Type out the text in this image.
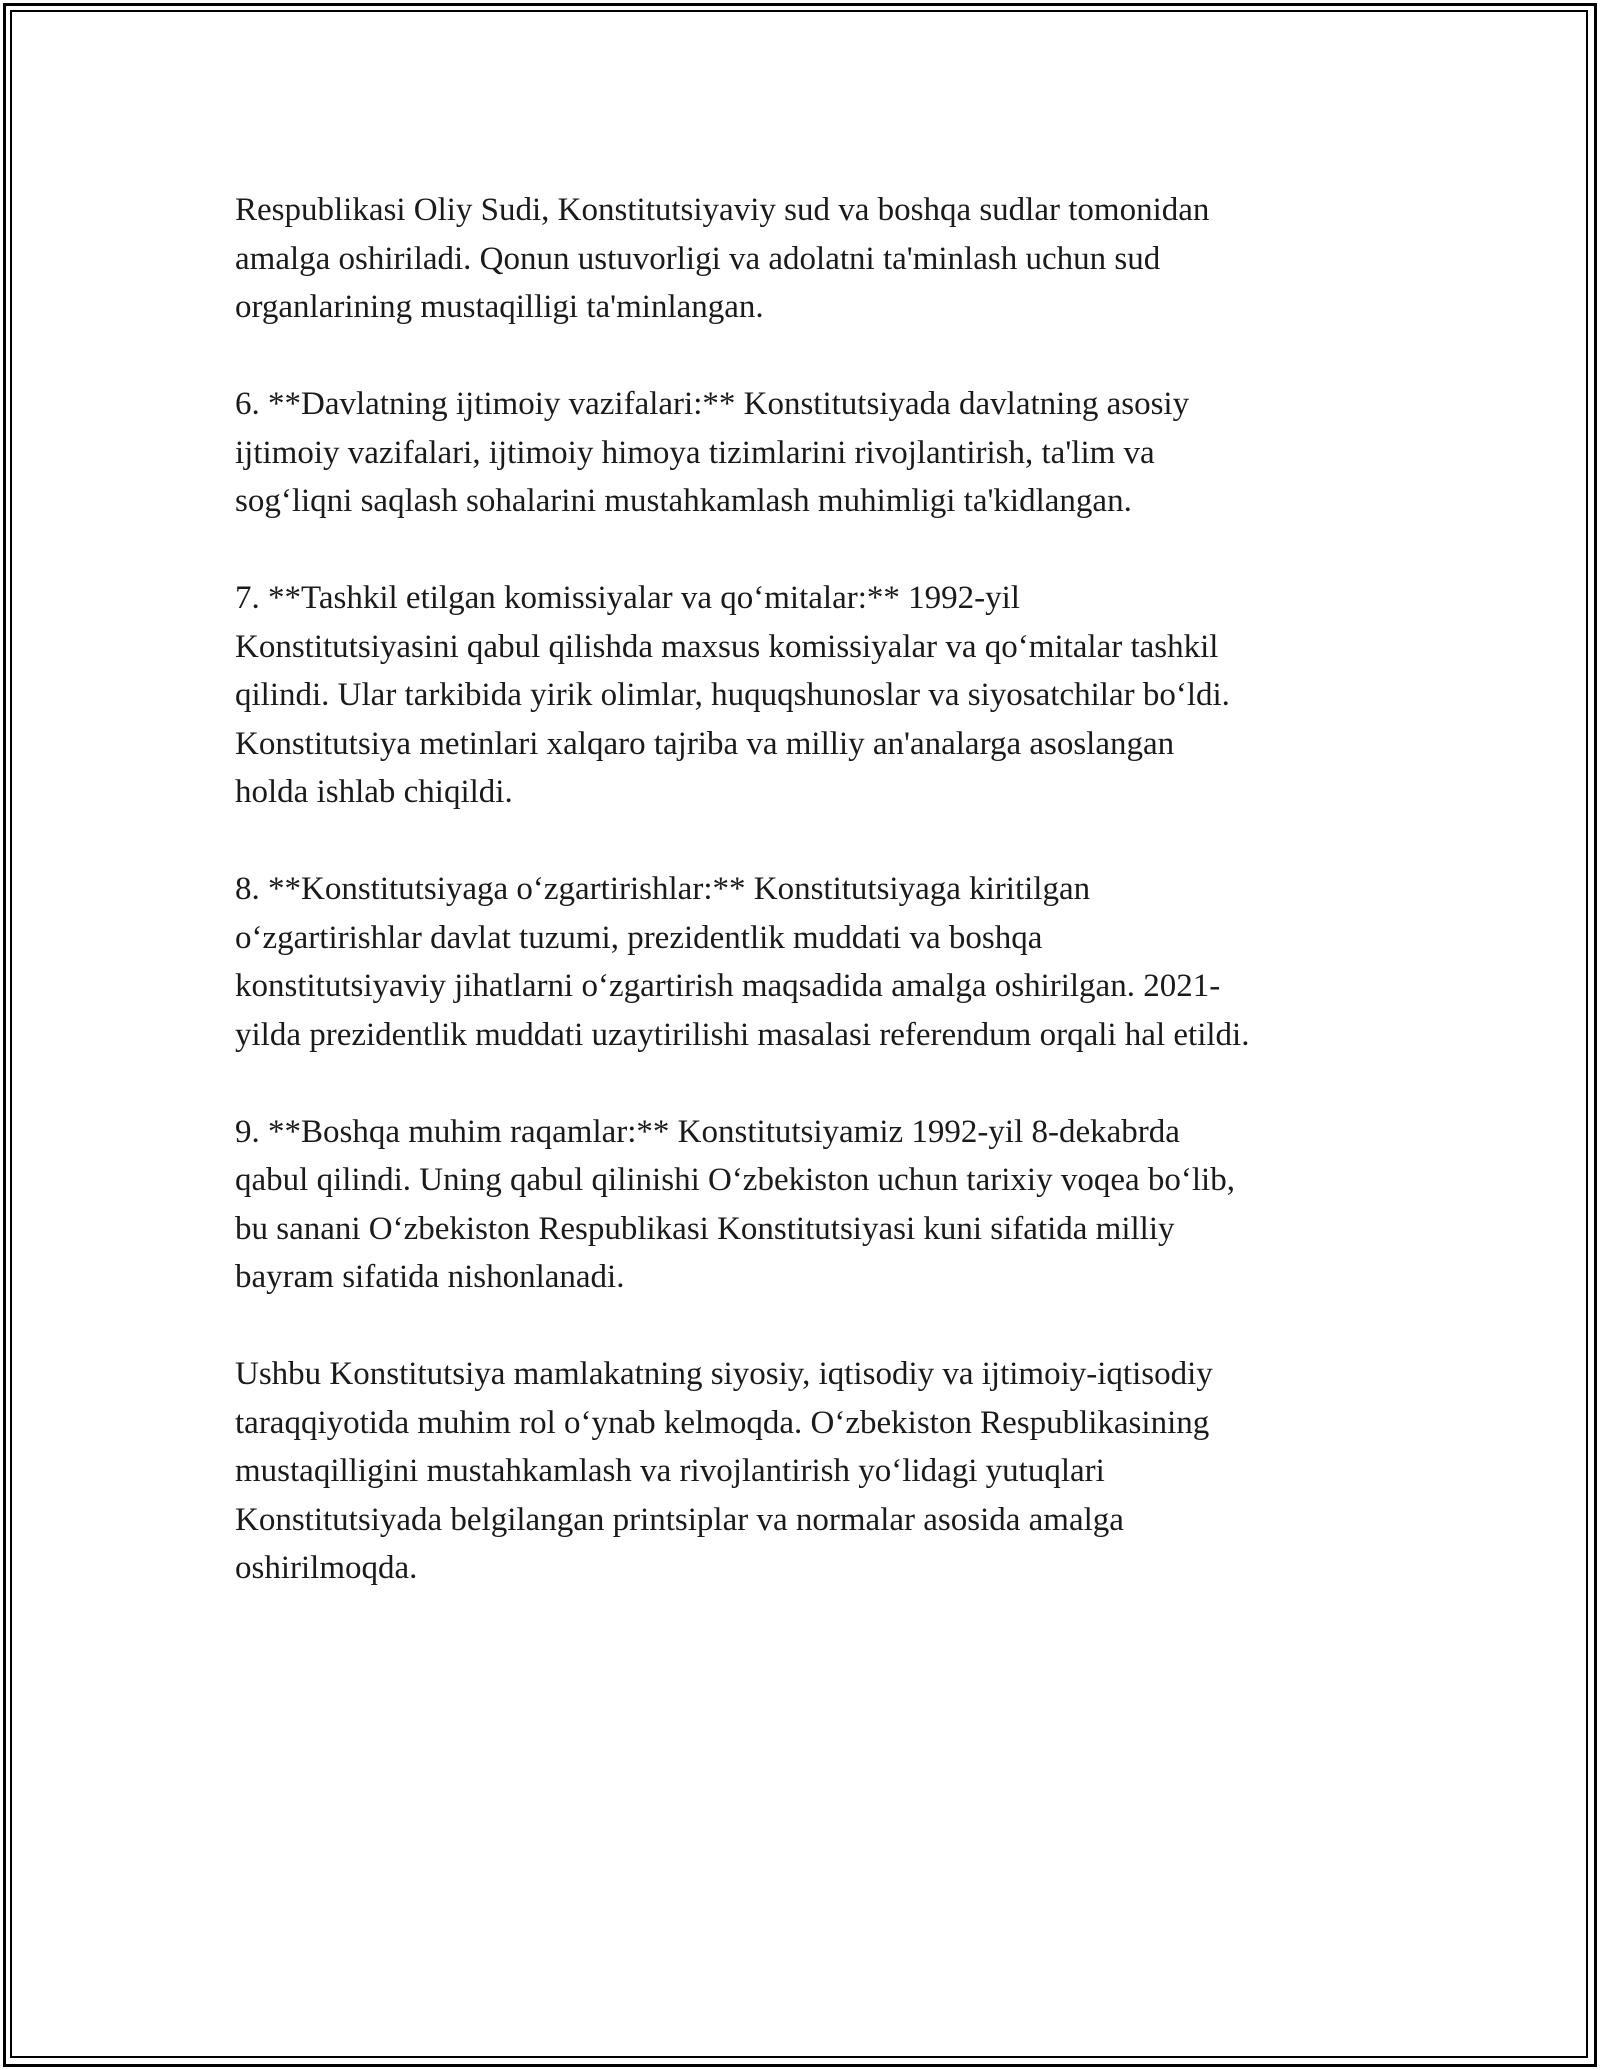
Respublikasi Oliy Sudi, Konstitutsiyaviy sud va boshqa sudlar tomonidan
amalga oshiriladi. Qonun ustuvorligi va adolatni ta'minlash uchun sud
organlarining mustaqilligi ta'minlangan.

6. **Davlatning ijtimoiy vazifalari:** Konstitutsiyada davlatning asosiy
ijtimoiy vazifalari, ijtimoiy himoya tizimlarini rivojlantirish, ta'lim va
sog‘liqni saqlash sohalarini mustahkamlash muhimligi ta'kidlangan.

7. **Tashkil etilgan komissiyalar va qo‘mitalar:** 1992-yil
Konstitutsiyasini qabul qilishda maxsus komissiyalar va qo‘mitalar tashkil
qilindi. Ular tarkibida yirik olimlar, huquqshunoslar va siyosatchilar bo‘ldi.
Konstitutsiya metinlari xalqaro tajriba va milliy an'analarga asoslangan
holda ishlab chiqildi.

8. **Konstitutsiyaga o‘zgartirishlar:** Konstitutsiyaga kiritilgan
o‘zgartirishlar davlat tuzumi, prezidentlik muddati va boshqa
konstitutsiyaviy jihatlarni o‘zgartirish maqsadida amalga oshirilgan. 2021-
yilda prezidentlik muddati uzaytirilishi masalasi referendum orqali hal etildi.

9. **Boshqa muhim raqamlar:** Konstitutsiyamiz 1992-yil 8-dekabrda
qabul qilindi. Uning qabul qilinishi O‘zbekiston uchun tarixiy voqea bo‘lib,
bu sanani O‘zbekiston Respublikasi Konstitutsiyasi kuni sifatida milliy
bayram sifatida nishonlanadi.

Ushbu Konstitutsiya mamlakatning siyosiy, iqtisodiy va ijtimoiy-iqtisodiy
taraqqiyotida muhim rol o‘ynab kelmoqda. O‘zbekiston Respublikasining
mustaqilligini mustahkamlash va rivojlantirish yo‘lidagi yutuqlari
Konstitutsiyada belgilangan printsiplar va normalar asosida amalga
oshirilmoqda.
